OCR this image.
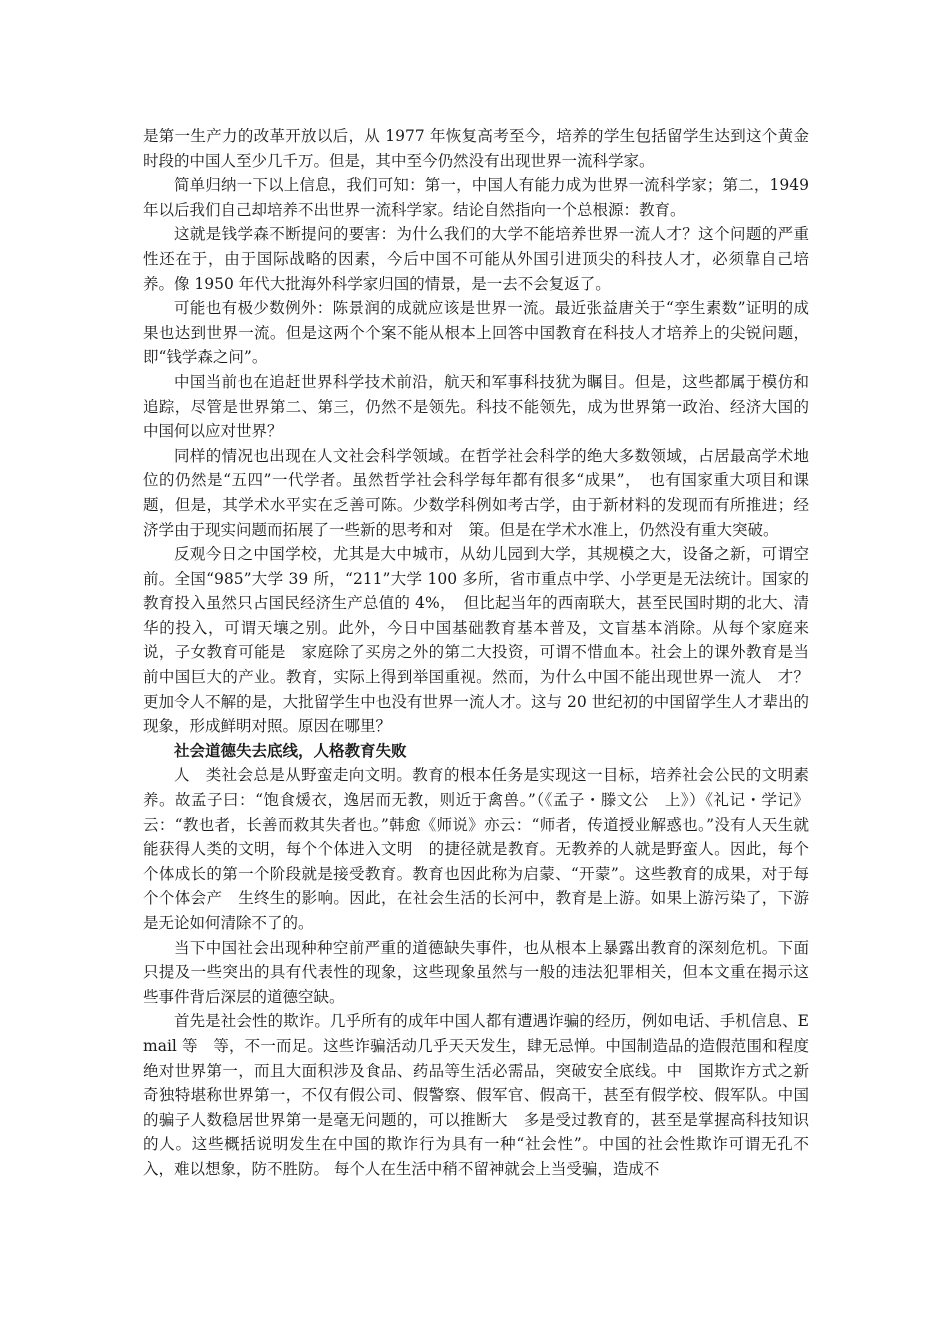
是第一生产力的改革开放以后，从 1977 年恢复高考至今，培养的学生包括留学生达到这个黄金时段的中国人至少几千万。但是，其中至今仍然没有出现世界一流科学家。

简单归纳一下以上信息，我们可知：第一，中国人有能力成为世界一流科学家；第二，1949 年以后我们自己却培养不出世界一流科学家。结论自然指向一个总根源：教育。

这就是钱学森不断提问的要害：为什么我们的大学不能培养世界一流人才？这个问题的严重性还在于，由于国际战略的因素，今后中国不可能从外国引进顶尖的科技人才，必须靠自己培养。像 1950 年代大批海外科学家归国的情景，是一去不会复返了。

可能也有极少数例外：陈景润的成就应该是世界一流。最近张益唐关于“孪生素数”证明的成果也达到世界一流。但是这两个个案不能从根本上回答中国教育在科技人才培养上的尖锐问题，即“钱学森之问”。

中国当前也在追赶世界科学技术前沿，航天和军事科技犹为瞩目。但是，这些都属于模仿和追踪，尽管是世界第二、第三，仍然不是领先。科技不能领先，成为世界第一政治、经济大国的中国何以应对世界？

同样的情况也出现在人文社会科学领域。在哲学社会科学的绝大多数领域，占居最高学术地位的仍然是“五四”一代学者。虽然哲学社会科学每年都有很多“成果”，　也有国家重大项目和课题，但是，其学术水平实在乏善可陈。少数学科例如考古学，由于新材料的发现而有所推进；经济学由于现实问题而拓展了一些新的思考和对　策。但是在学术水准上，仍然没有重大突破。

反观今日之中国学校，尤其是大中城市，从幼儿园到大学，其规模之大，设备之新，可谓空前。全国“985”大学 39 所，“211”大学 100 多所，省市重点中学、小学更是无法统计。国家的教育投入虽然只占国民经济生产总值的 4%，　但比起当年的西南联大，甚至民国时期的北大、清华的投入，可谓天壤之别。此外，今日中国基础教育基本普及，文盲基本消除。从每个家庭来说，子女教育可能是　家庭除了买房之外的第二大投资，可谓不惜血本。社会上的课外教育是当前中国巨大的产业。教育，实际上得到举国重视。然而，为什么中国不能出现世界一流人　才？更加令人不解的是，大批留学生中也没有世界一流人才。这与 20 世纪初的中国留学生人才辈出的现象，形成鲜明对照。原因在哪里？

社会道德失去底线，人格教育失败

人　类社会总是从野蛮走向文明。教育的根本任务是实现这一目标，培养社会公民的文明素养。故孟子曰：“饱食煖衣，逸居而无教，则近于禽兽。”（《孟子・滕文公　上》）《礼记・学记》云：“教也者，长善而救其失者也。”韩愈《师说》亦云：“师者，传道授业解惑也。”没有人天生就能获得人类的文明，每个个体进入文明　的捷径就是教育。无教养的人就是野蛮人。因此，每个个体成长的第一个阶段就是接受教育。教育也因此称为启蒙、“开蒙”。这些教育的成果，对于每个个体会产　生终生的影响。因此，在社会生活的长河中，教育是上游。如果上游污染了，下游是无论如何清除不了的。

当下中国社会出现种种空前严重的道德缺失事件，也从根本上暴露出教育的深刻危机。下面只提及一些突出的具有代表性的现象，这些现象虽然与一般的违法犯罪相关，但本文重在揭示这些事件背后深层的道德空缺。

首先是社会性的欺诈。几乎所有的成年中国人都有遭遇诈骗的经历，例如电话、手机信息、Email 等　等，不一而足。这些诈骗活动几乎天天发生，肆无忌惮。中国制造品的造假范围和程度绝对世界第一，而且大面积涉及食品、药品等生活必需品，突破安全底线。中　国欺诈方式之新奇独特堪称世界第一，不仅有假公司、假警察、假军官、假高干，甚至有假学校、假军队。中国的骗子人数稳居世界第一是毫无问题的，可以推断大　多是受过教育的，甚至是掌握高科技知识的人。这些概括说明发生在中国的欺诈行为具有一种“社会性”。中国的社会性欺诈可谓无孔不入，难以想象，防不胜防。 每个人在生活中稍不留神就会上当受骗，造成不
